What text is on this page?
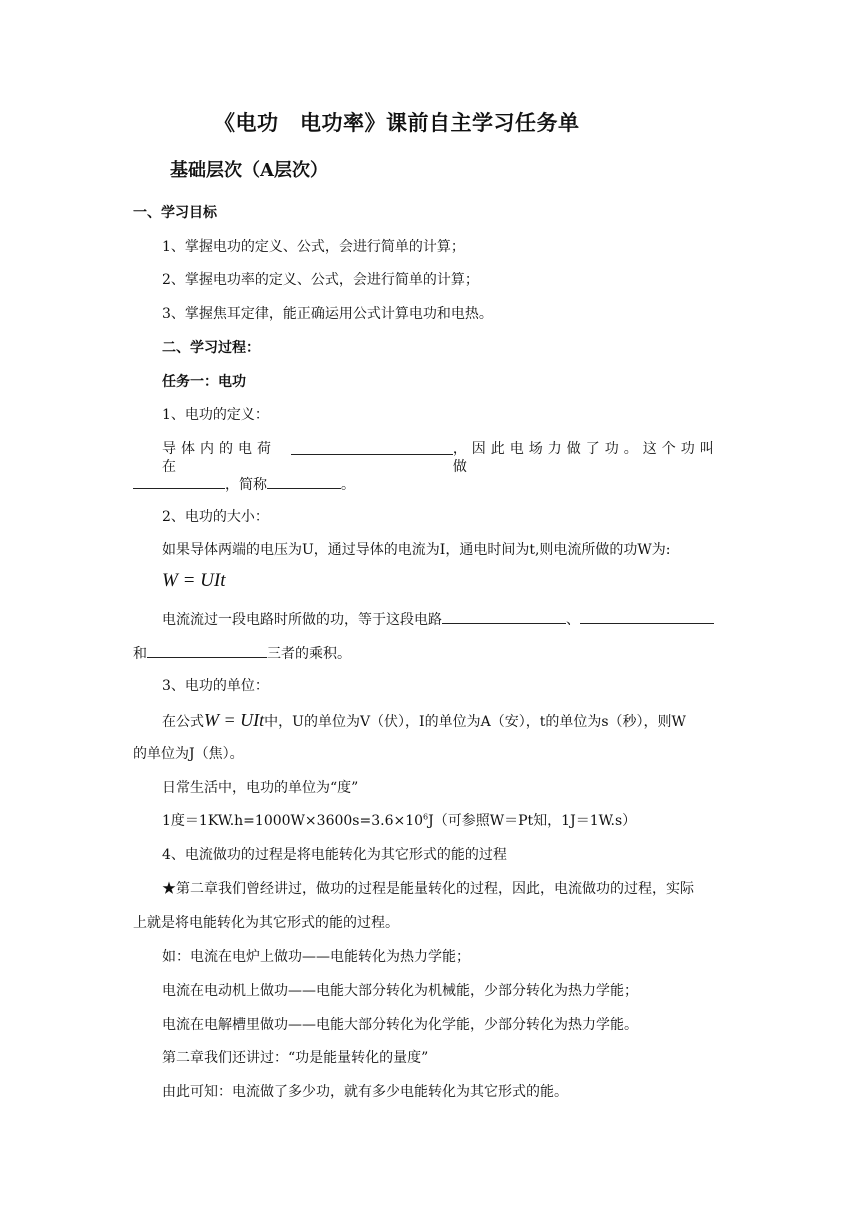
《电功　电功率》课前自主学习任务单
基础层次（A层次）
一、学习目标
1、掌握电功的定义、公式，会进行简单的计算；
2、掌握电功率的定义、公式，会进行简单的计算；
3、掌握焦耳定律，能正确运用公式计算电功和电热。
二、学习过程：
任务一：电功
1、电功的定义：
导体内的电荷在
，因此电场力做了功。这个功叫做
，简称	。
2、电功的大小：
如果导体两端的电压为U，通过导体的电流为I，通电时间为t,则电流所做的功W为:
W = UIt
电流流过一段电路时所做的功，等于这段电路	、
和	三者的乘积。
3、电功的单位：
在公式W = UIt中，U的单位为V（伏），I的单位为A（安），t的单位为s（秒），则W
的单位为J（焦）。
日常生活中，电功的单位为“度”
1度$=1KW.h=1000W\times 3600s=3.6\times 10^6J$（可参照W＝Pt知，1J＝1W.s）
4、电流做功的过程是将电能转化为其它形式的能的过程
★第二章我们曾经讲过，做功的过程是能量转化的过程，因此，电流做功的过程，实际
上就是将电能转化为其它形式的能的过程。
如：电流在电炉上做功——电能转化为热力学能；
电流在电动机上做功——电能大部分转化为机械能，少部分转化为热力学能；
电流在电解槽里做功——电能大部分转化为化学能，少部分转化为热力学能。
第二章我们还讲过：“功是能量转化的量度”
由此可知：电流做了多少功，就有多少电能转化为其它形式的能。
